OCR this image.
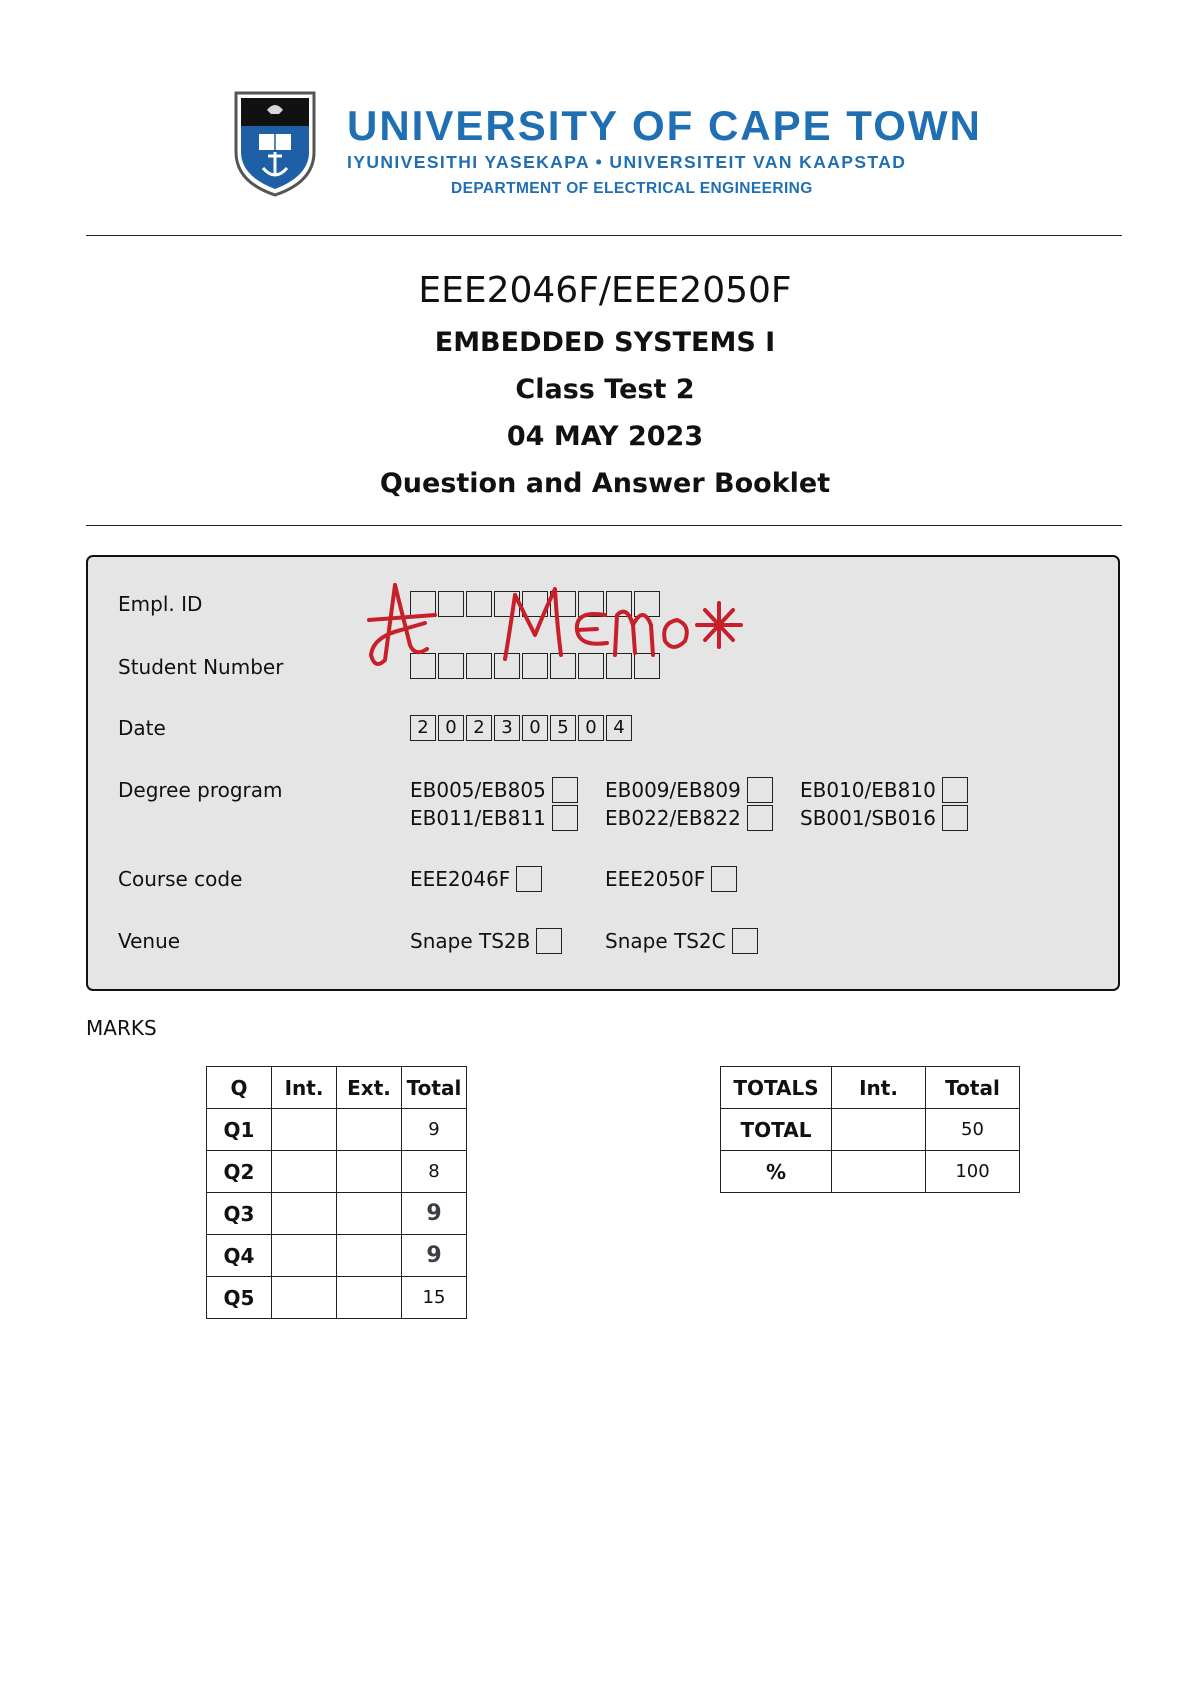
UNIVERSITY OF CAPE TOWN
IYUNIVESITHI YASEKAPA • UNIVERSITEIT VAN KAAPSTAD
DEPARTMENT OF ELECTRICAL ENGINEERING
EEE2046F/EEE2050F
EMBEDDED SYSTEMS I
Class Test 2
04 MAY 2023
Question and Answer Booklet
Empl. ID
Student Number
Date	2 0 2 3 0 5 0 4
Degree program	EB005/EB805	EB009/EB809	EB010/EB810
EB011/EB811	EB022/EB822	SB001/SB016
Course code	EEE2046F	EEE2050F
Venue	Snape TS2B	Snape TS2C
MARKS
Q	Int.	Ext.	Total
Q1			9
Q2			8
Q3			9
Q4			9
Q5			15
TOTALS	Int.	Total
TOTAL		50
%		100
